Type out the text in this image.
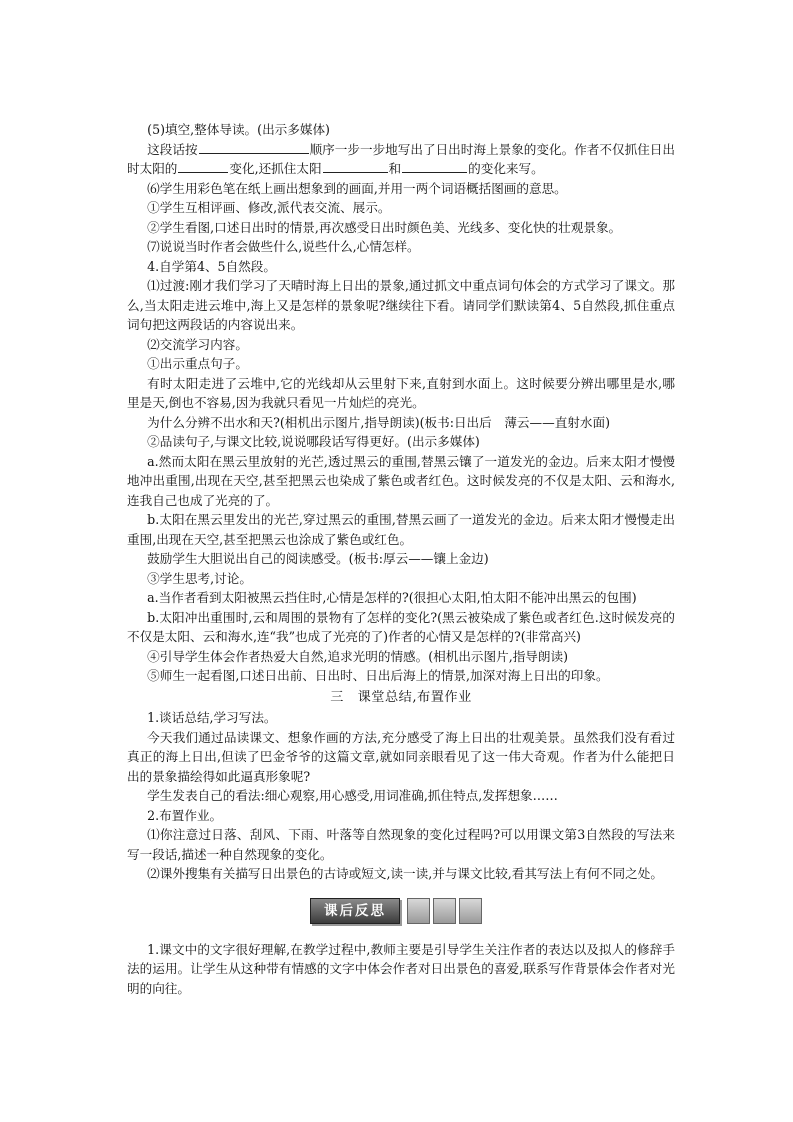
(5)填空,整体导读。(出示多媒体)

这段话按	顺序一步一步地写出了日出时海上景象的变化。作者不仅抓住日出时太阳的	变化,还抓住太阳	和	的变化来写。

⑹学生用彩色笔在纸上画出想象到的画面,并用一两个词语概括图画的意思。

①学生互相评画、修改,派代表交流、展示。

②学生看图,口述日出时的情景,再次感受日出时颜色美、光线多、变化快的壮观景象。

⑺说说当时作者会做些什么,说些什么,心情怎样。

4.自学第4、5自然段。

⑴过渡:刚才我们学习了天晴时海上日出的景象,通过抓文中重点词句体会的方式学习了课文。那么,当太阳走进云堆中,海上又是怎样的景象呢?继续往下看。请同学们默读第4、5自然段,抓住重点词句把这两段话的内容说出来。

⑵交流学习内容。

①出示重点句子。

有时太阳走进了云堆中,它的光线却从云里射下来,直射到水面上。这时候要分辨出哪里是水,哪里是天,倒也不容易,因为我就只看见一片灿烂的亮光。

为什么分辨不出水和天?(相机出示图片,指导朗读)(板书:日出后　薄云——直射水面)

②品读句子,与课文比较,说说哪段话写得更好。(出示多媒体)

a.然而太阳在黑云里放射的光芒,透过黑云的重围,替黑云镶了一道发光的金边。后来太阳才慢慢地冲出重围,出现在天空,甚至把黑云也染成了紫色或者红色。这时候发亮的不仅是太阳、云和海水,连我自己也成了光亮的了。

b.太阳在黑云里发出的光芒,穿过黑云的重围,替黑云画了一道发光的金边。后来太阳才慢慢走出重围,出现在天空,甚至把黑云也涂成了紫色或红色。

鼓励学生大胆说出自己的阅读感受。(板书:厚云——镶上金边)

③学生思考,讨论。

a.当作者看到太阳被黑云挡住时,心情是怎样的?(很担心太阳,怕太阳不能冲出黑云的包围)

b.太阳冲出重围时,云和周围的景物有了怎样的变化?(黑云被染成了紫色或者红色.这时候发亮的不仅是太阳、云和海水,连“我”也成了光亮的了)作者的心情又是怎样的?(非常高兴)

④引导学生体会作者热爱大自然,追求光明的情感。(相机出示图片,指导朗读)

⑤师生一起看图,口述日出前、日出时、日出后海上的情景,加深对海上日出的印象。

三　课堂总结,布置作业

1.谈话总结,学习写法。

今天我们通过品读课文、想象作画的方法,充分感受了海上日出的壮观美景。虽然我们没有看过真正的海上日出,但读了巴金爷爷的这篇文章,就如同亲眼看见了这一伟大奇观。作者为什么能把日出的景象描绘得如此逼真形象呢?

学生发表自己的看法:细心观察,用心感受,用词准确,抓住特点,发挥想象……

2.布置作业。

⑴你注意过日落、刮风、下雨、叶落等自然现象的变化过程吗?可以用课文第3自然段的写法来写一段话,描述一种自然现象的变化。

⑵课外搜集有关描写日出景色的古诗或短文,读一读,并与课文比较,看其写法上有何不同之处。

课后反思

1.课文中的文字很好理解,在教学过程中,教师主要是引导学生关注作者的表达以及拟人的修辞手法的运用。让学生从这种带有情感的文字中体会作者对日出景色的喜爱,联系写作背景体会作者对光明的向往。
